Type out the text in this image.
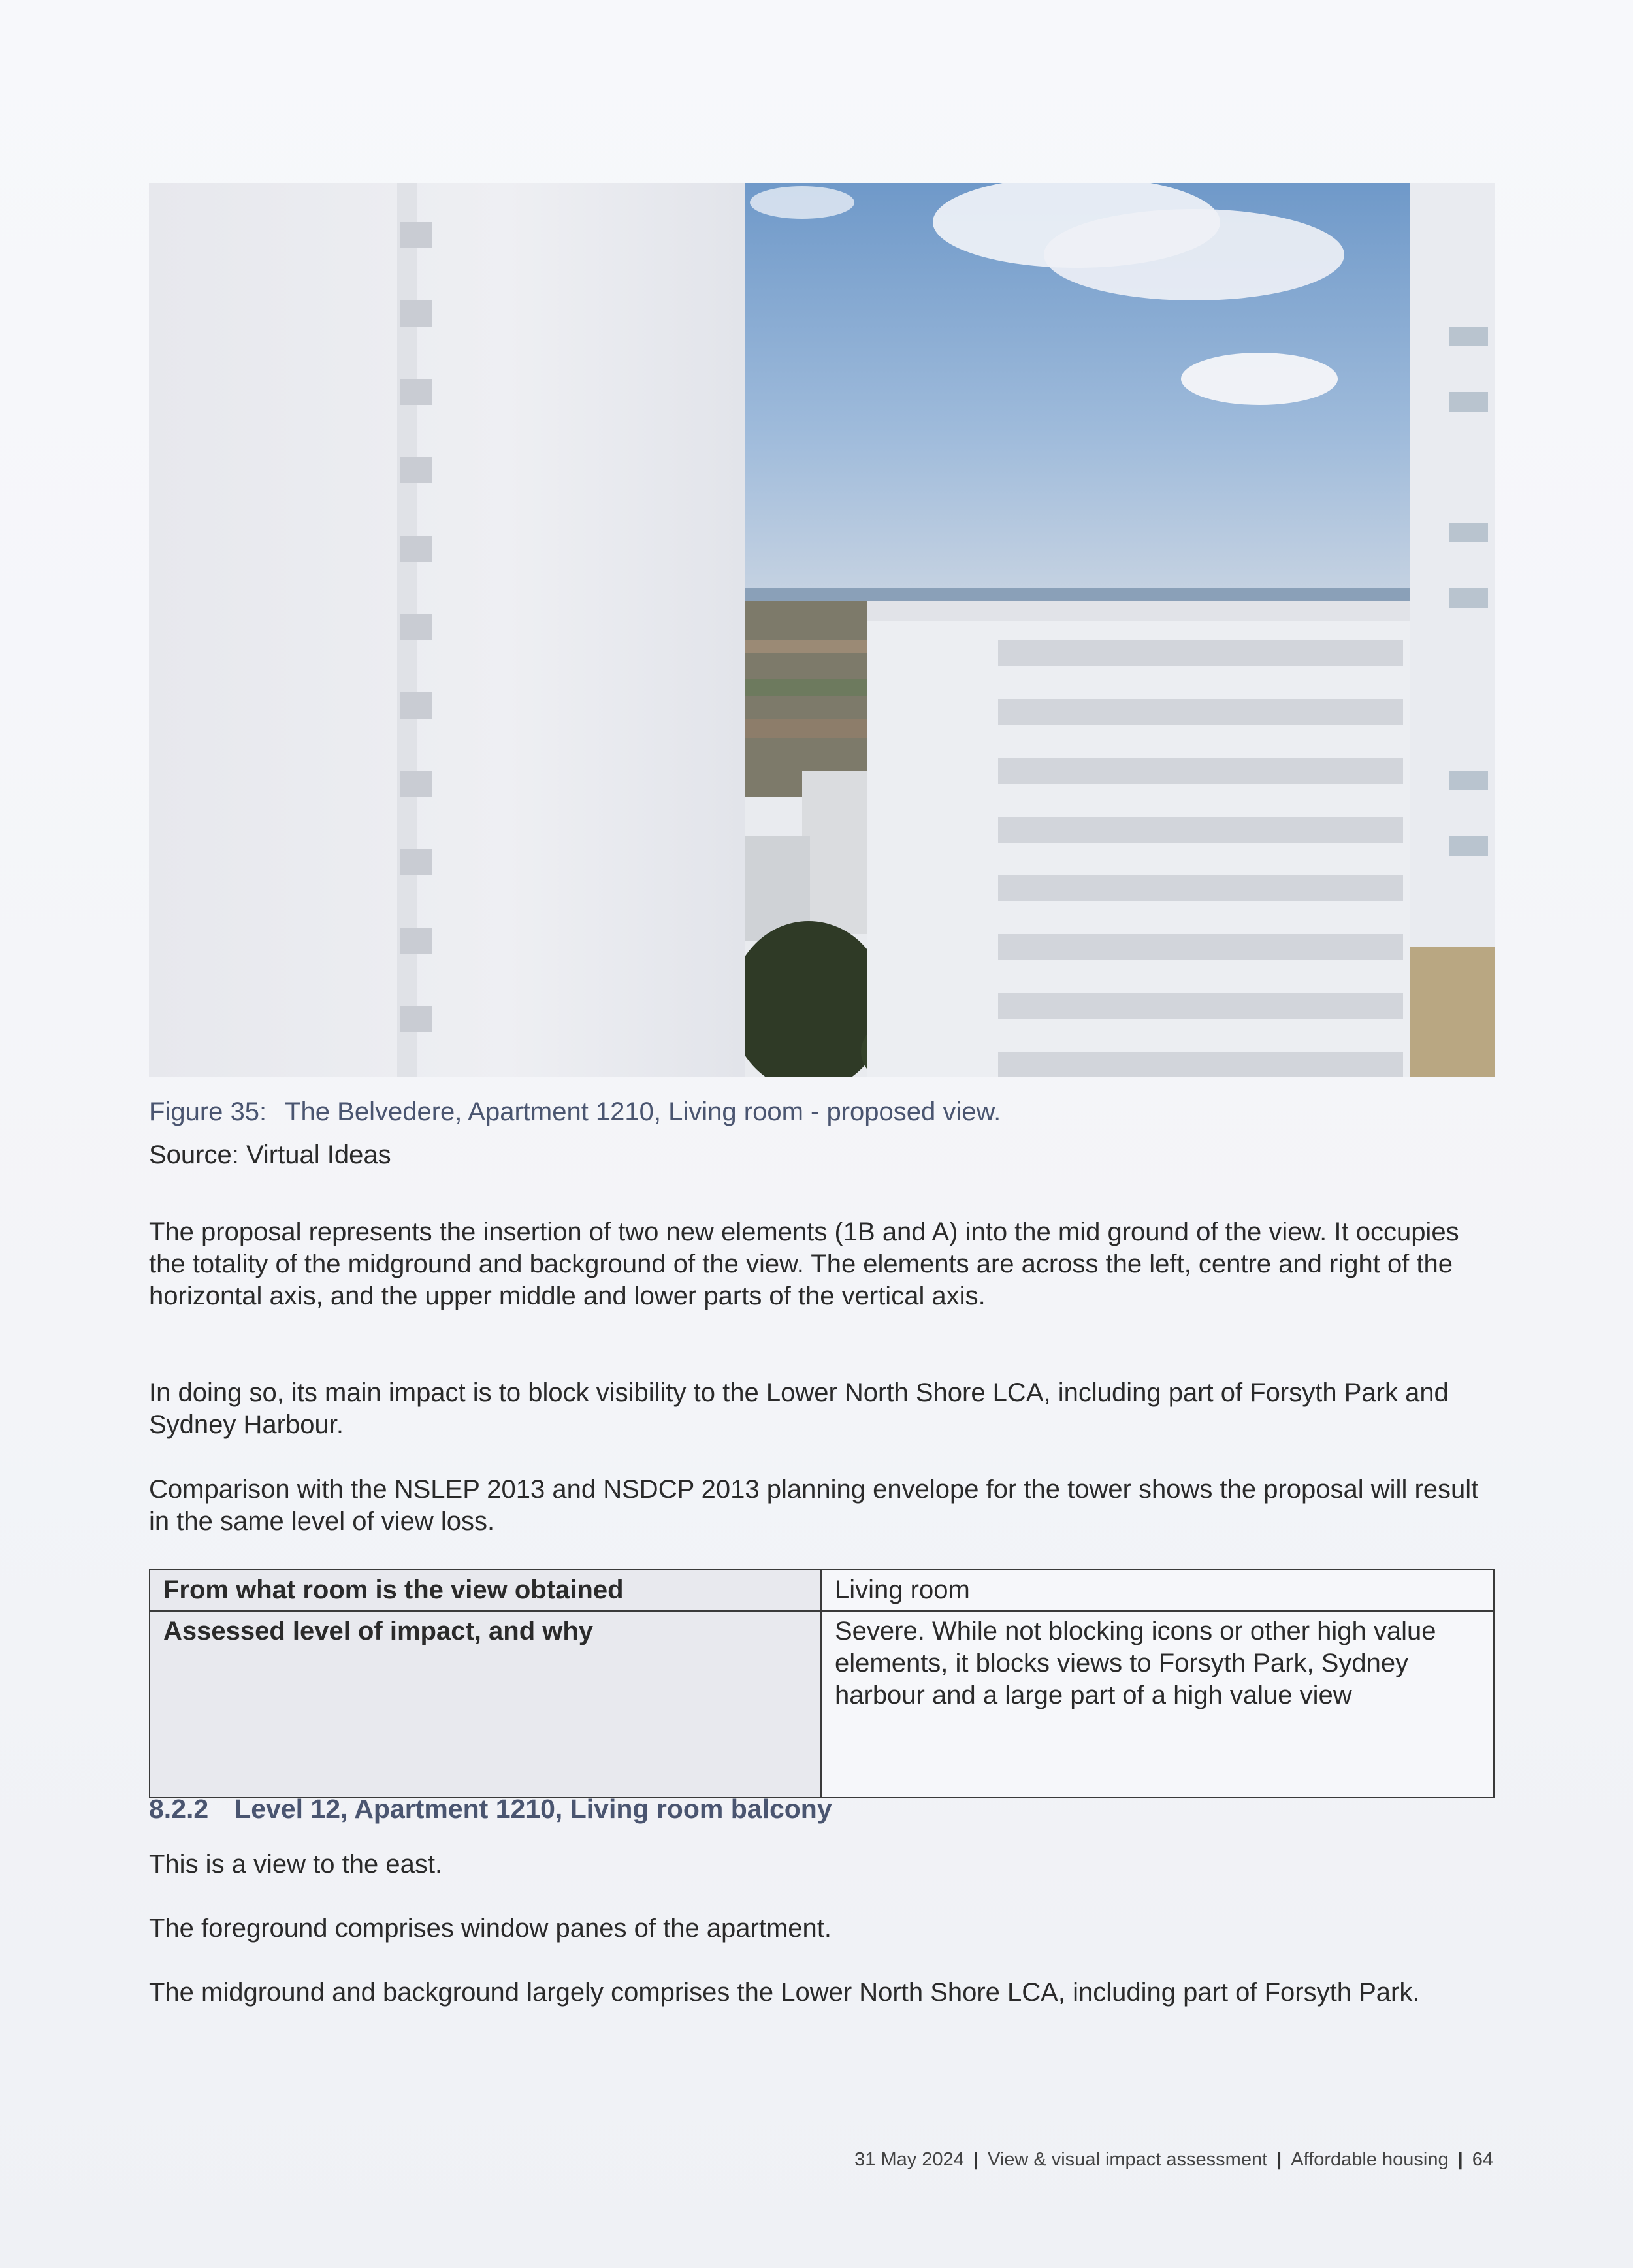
Figure 35: The Belvedere, Apartment 1210, Living room - proposed view.
Source: Virtual Ideas

The proposal represents the insertion of two new elements (1B and A) into the mid ground of the view. It occupies the totality of the midground and background of the view. The elements are across the left, centre and right of the horizontal axis, and the upper middle and lower parts of the vertical axis.

In doing so, its main impact is to block visibility to the Lower North Shore LCA, including part of Forsyth Park and Sydney Harbour.

Comparison with the NSLEP 2013 and NSDCP 2013 planning envelope for the tower shows the proposal will result in the same level of view loss.

From what room is the view obtained	Living room
Assessed level of impact, and why	Severe. While not blocking icons or other high value elements, it blocks views to Forsyth Park, Sydney harbour and a large part of a high value view
8.2.2 Level 12, Apartment 1210, Living room balcony

This is a view to the east.

The foreground comprises window panes of the apartment.

The midground and background largely comprises the Lower North Shore LCA, including part of Forsyth Park.

31 May 2024 | View & visual impact assessment | Affordable housing | 64
